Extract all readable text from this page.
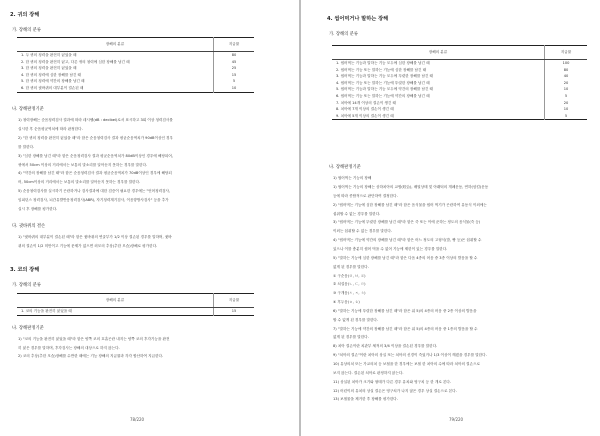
2. 귀의 장해
가. 장해의 분류
장해의 분류	지급률
1. 두 귀의 청력을 완전히 잃었을 때	80
2. 한 귀의 청력을 완전히 잃고, 다른 귀의 청력에 심한 장해를 남긴 때	45
3. 한 귀의 청력을 완전히 잃었을 때	25
4. 한 귀의 청력에 심한 장해를 남긴 때	15
5. 한 귀의 청력에 약간의 장해를 남긴 때	5
6. 한 귀의 귓바퀴의 대부분이 결손된 때	10
나. 장해판정기준
1) 청력장해는 순음청력검사 결과에 따라 데시벨(dB : decibel)로서 표시하고 3회 이상 청력검사를
실시한 후 순음평균역치에 따라 판정한다.
2) "한 귀의 청력을 완전히 잃었을 때"라 함은 순음청력검사 결과 평균순음역치가 90dB이상인 경우
를 말한다.
3) "심한 장해를 남긴 때"라 함은 순음청력검사 결과 평균순음역치가 80dB이상인 경우에 해당되어,
귀에서 50cm 이상의 거리에서는 보통의 말소리를 알아듣지 못하는 경우를 말한다.
4) "약간의 장해를 남긴 때"라 함은 순음청력검사 결과 평균순음역치가 70dB이상인 경우에 해당되
어, 50cm이상의 거리에서는 보통의 말소리를 알아듣지 못하는 경우를 말한다.
5) 순음청력검사를 실시하기 곤란하거나 검사결과에 대한 검증이 필요한 경우에는 "언어청력검사,
임피던스 청력검사, 뇌간유발반응청력검사(ABR), 자기청력계기검사, 이음향방사검사" 등을 추가
실시 후 장해를 평가한다.
다. 귓바퀴의 결손
1) "귓바퀴의 대부분이 결손된 때"라 함은 귓바퀴의 연골부가 1/2 이상 결손된 경우를 말하며, 귓바
퀴의 결손이 1/2 미만이고 기능에 문제가 없으면 외모의 추상(추한 모습)장해로 평가한다.
3. 코의 장해
가. 장해의 분류
장해의 분류	지급률
1. 코의 기능을 완전히 잃었을 때	15
나. 장해판정기준
1) "코의 기능을 완전히 잃었을 때"라 함은 양쪽 코의 호흡곤란 내지는 양쪽 코의 후각기능을 완전
히 잃은 경우를 말하며, 후각검사는 장해의 대상으로 하지 않는다.
2) 코의 추상(추한 모습)장해를 수반한 때에는 기능 장해의 지급률과 각각 합산하여 지급한다.
78/220
4. 씹어먹거나 말하는 장해
가. 장해의 분류
장해의 분류	지급률
1. 씹어먹는 기능과 말하는 기능 모두에 심한 장해를 남긴 때	100
2. 씹어먹는 기능 또는 말하는 기능에 심한 장해를 남긴 때	80
3. 씹어먹는 기능과 말하는 기능 모두에 뚜렷한 장해를 남긴 때	40
4. 씹어먹는 기능 또는 말하는 기능에 뚜렷한 장해를 남긴 때	20
5. 씹어먹는 기능과 말하는 기능 모두에 약간의 장해를 남긴 때	10
6. 씹어먹는 기능 또는 말하는 기능에 약간의 장해를 남긴 때	5
7. 치아에 14개 이상의 결손이 생긴 때	20
8. 치아에 7개 이상의 결손이 생긴 때	10
9. 치아에 5개 이상의 결손이 생긴 때	5
나. 장해판정기준
1) 씹어먹는 기능의 장해
1) 씹어먹는 기능의 장해는 상하치아의 교합(咬合), 배열상태 및 아래턱의 개폐운동, 연하(삼킴)운동
등에 따라 종합적으로 판단하여 결정한다.
2) "씹어먹는 기능에 심한 장해를 남긴 때"라 함은 음식물을 씹어 먹기가 곤란하여 유동식 이외에는
섭취할 수 없는 경우를 말한다.
3) "씹어먹는 기능에 뚜렷한 장해를 남긴 때"라 함은 죽 또는 이에 준하는 정도의 음식물(죽 등)
이외는 섭취할 수 없는 경우를 말한다.
4) "씹어먹는 기능에 약간의 장해를 남긴 때"라 함은 어느 정도의 고형식(밥, 빵 등)은 섭취할 수
있으나 이를 충분히 씹어 먹을 수 없어 기능에 제한이 있는 경우를 말한다.
5) "말하는 기능에 심한 장해를 남긴 때"라 함은 다음 4종의 어음 중 3종 이상의 발음을 할 수
없게 된 경우를 말한다.
① 구순음(ㅁ, ㅂ, ㅍ)
② 치설음(ㄴ, ㄷ, ㄹ)
③ 구개음(ㅅ, ㅈ, ㅊ)
④ 후두음(ㅇ, ㅎ)
6) "말하는 기능에 뚜렷한 장해를 남긴 때"라 함은 위 5)의 4종의 어음 중 2종 이상의 발음을
할 수 없게 된 경우를 말한다.
7) "말하는 기능에 약간의 장해를 남긴 때"라 함은 위 5)의 4종의 어음 중 1종의 발음을 할 수
없게 된 경우를 말한다.
8) 치아 결손이란 치관부 체적의 3/4 이상을 결손된 경우를 말한다.
9) "치아의 결손"이란 치아의 상실 또는 치아의 신경이 죽었거나 1/3 이상이 깨졌을 경우를 말한다.
10) 유상의치 또는 가교의치 등 보철을 한 경우에는 보철 한 치아의 수에 따라 치아의 결손으로
보지 않는다. 결손된 치아로 판정하지 않는다.
11) 상실된 치아가 크기와 형태가 다른 경우 유치와 영구치 등 한 개로 본다.
12) 어린이의 유치의 상실 결손은 영구치가 나지 않은 경우 상실 결손으로 본다.
13) 보철물을 제거한 후 장해를 평가한다.
79/220
